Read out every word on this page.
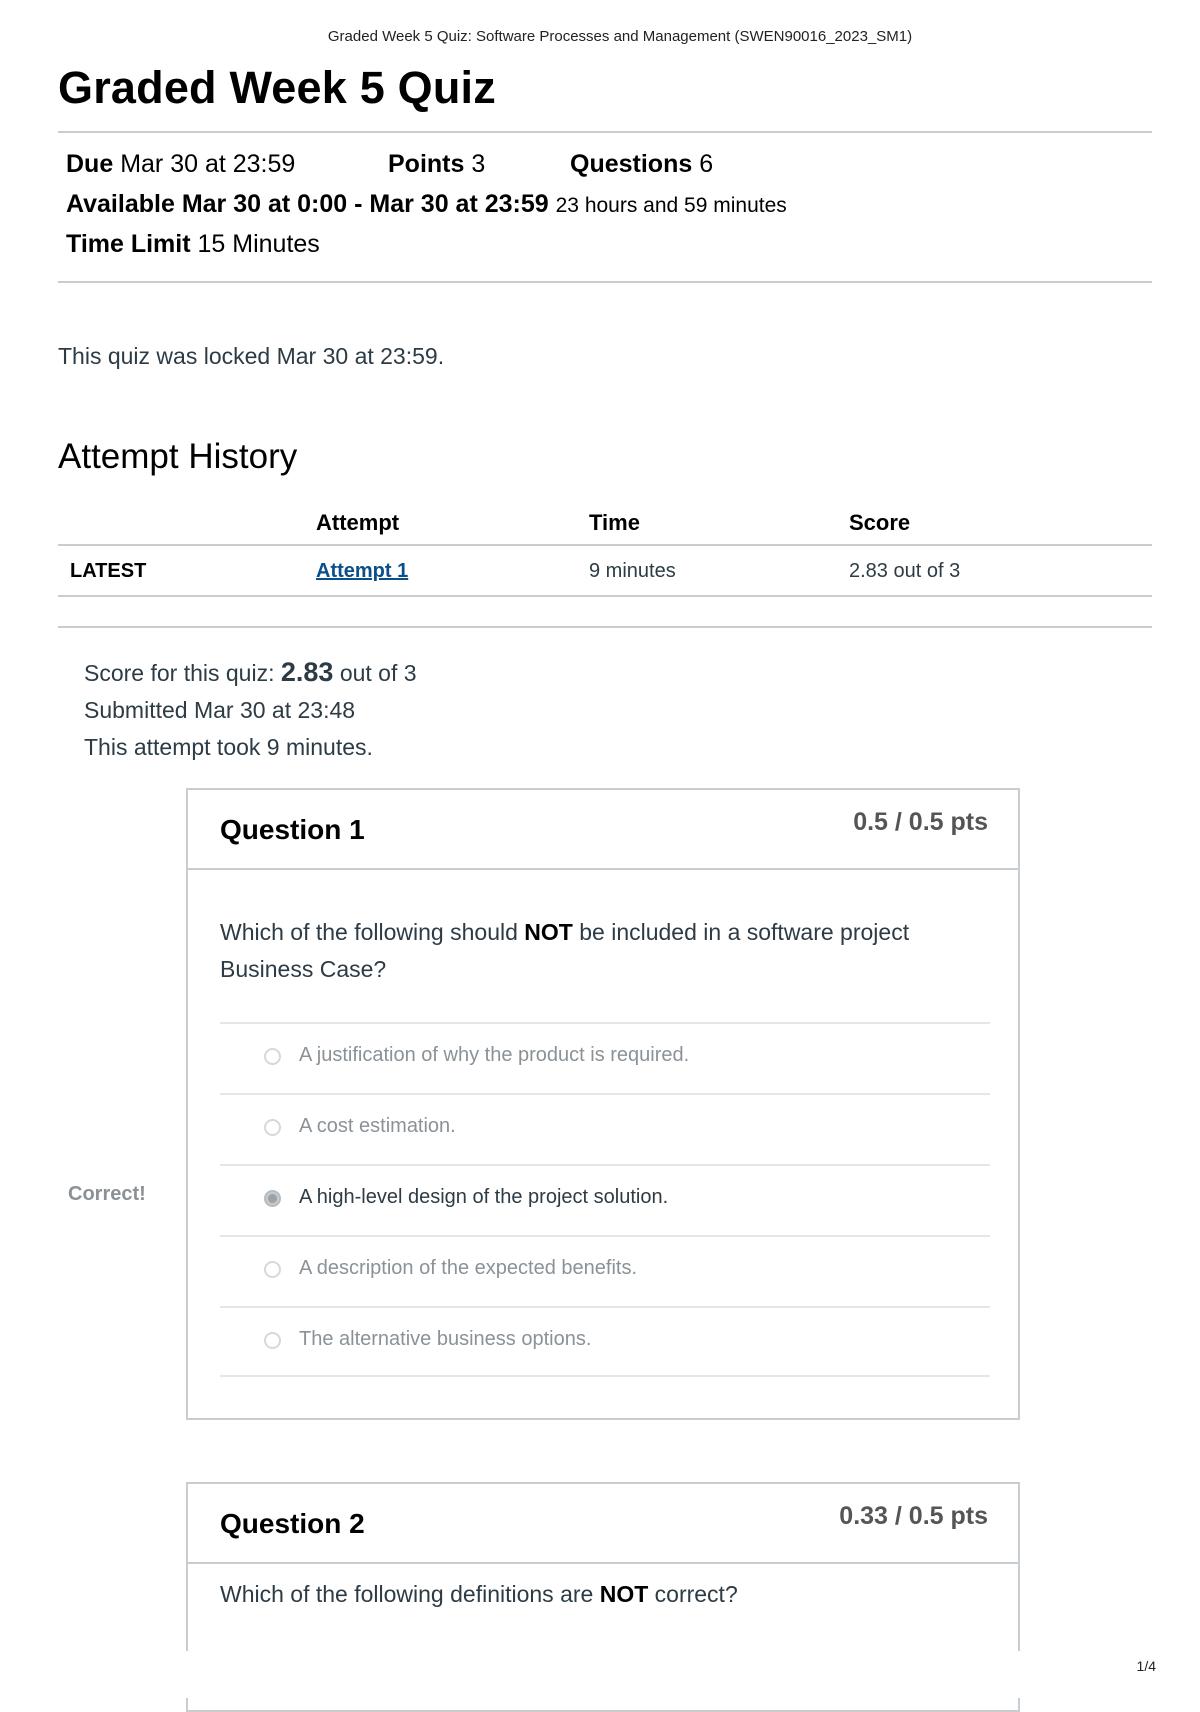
Graded Week 5 Quiz: Software Processes and Management (SWEN90016_2023_SM1)
Graded Week 5 Quiz
Due Mar 30 at 23:59	Points 3	Questions 6
Available Mar 30 at 0:00 - Mar 30 at 23:59 23 hours and 59 minutes
Time Limit 15 Minutes
This quiz was locked Mar 30 at 23:59.
Attempt History
	Attempt	Time	Score
LATEST	Attempt 1	9 minutes	2.83 out of 3
Score for this quiz: 2.83 out of 3
Submitted Mar 30 at 23:48
This attempt took 9 minutes.
Correct!
Question 1	0.5 / 0.5 pts
Which of the following should NOT be included in a software project Business Case?
A justification of why the product is required.
A cost estimation.
A high-level design of the project solution.
A description of the expected benefits.
The alternative business options.
Question 2	0.33 / 0.5 pts
Which of the following definitions are NOT correct?
1/4
